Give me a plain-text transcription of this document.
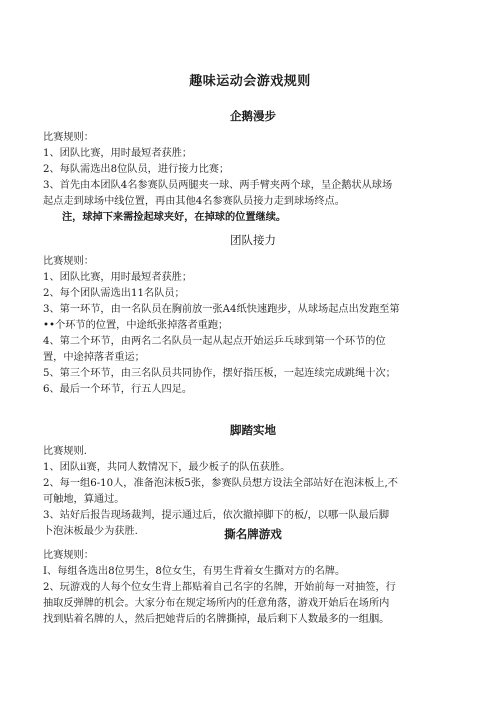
趣味运动会游戏规则
企鹅漫步
比赛规则：
1、团队比赛，用时最短者获胜；
2、每队需选出8位队员，进行接力比赛；
3、首先由本团队4名参赛队员两腿夹一球、两手臂夹两个球，呈企鹅状从球场
起点走到球场中线位置，再由其他4名参赛队员接力走到球场终点。
注，球掉下来需捡起球夹好，在掉球的位置继续。
团队接力
比赛规则：
1、团队比赛，用时最短者获胜；
2、每个团队需选出11名队员；
3、第一环节，由一名队员在胸前放一张A4纸快速跑步，从球场起点出发跑至第
••个环节的位置，中途纸张掉落者重跑；
4、第二个环节，由两名二名队员一起从起点开始运乒乓球到第一个环节的位
置，中途掉落者重运；
5、第三个环节，由三名队员共同协作，摆好指压板，一起连续完成跳绳十次；
6、最后一个环节，行五人四足。
脚踏实地
比赛规则.
1、团队ii赛，共同人数情况下，最少板子的队伍获胜。
2、每一组6-10人，准备泡沫板5张，参赛队员想方设法全部站好在泡沫板上,不
可触地，算通过。
3、站好后报告现场裁判，提示通过后，依次撤掉脚下的板/，以哪一队最后脚
卜泡沫板最少为获胜.	撕名牌游戏
比赛规则：
I、每组各选出8位男生，8位女生，有男生背着女生撕对方的名牌。
2、玩游戏的人每个位女生背上都贴着自己名字的名牌，开始前每一对抽签，行
抽取反弹牌的机会。大家分布在规定场所内的任意角落，游戏开始后在场所内
找到贴着名牌的人，然后把她背后的名牌撕掉，最后剩下人数最多的一组胭。
